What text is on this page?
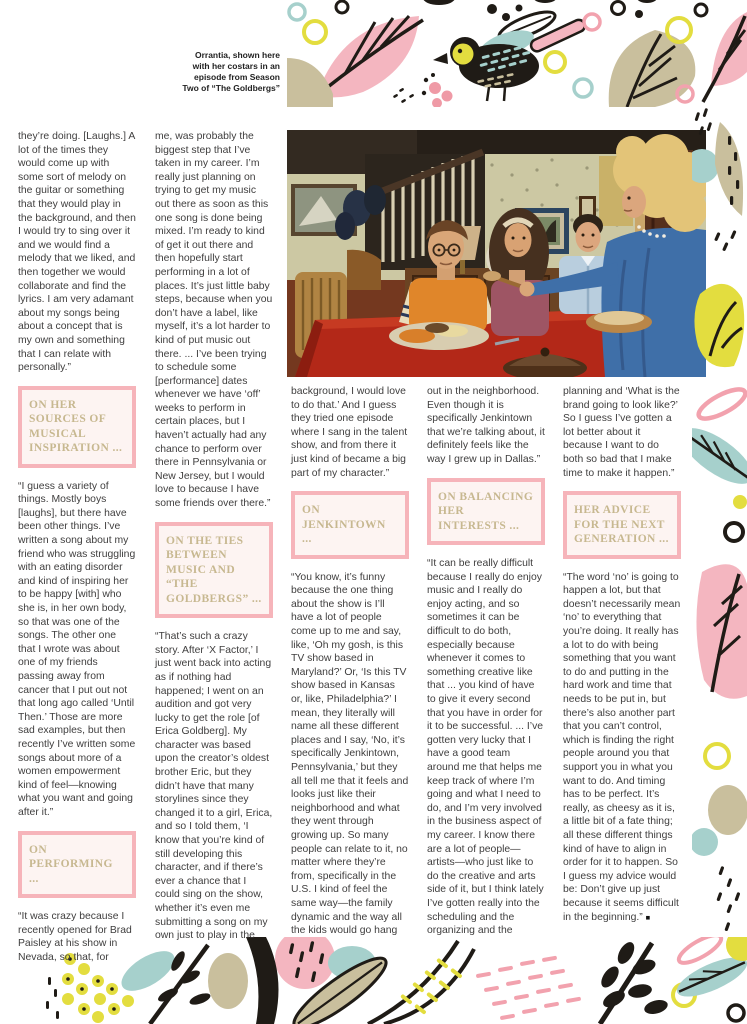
Orrantia, shown here with her costars in an episode from Season Two of “The Goldbergs”

they’re doing. [Laughs.] A lot of the times they would come up with some sort of melody on the guitar or something that they would play in the background, and then I would try to sing over it and we would find a melody that we liked, and then together we would collaborate and find the lyrics. I am very adamant about my songs being about a concept that is my own and something that I can relate with personally.”

ON HER SOURCES OF MUSICAL INSPIRATION ...

“I guess a variety of things. Mostly boys [laughs], but there have been other things. I’ve written a song about my friend who was struggling with an eating disorder and kind of inspiring her to be happy [with] who she is, in her own body, so that was one of the songs. The other one that I wrote was about one of my friends passing away from cancer that I put out not that long ago called ‘Until Then.’ Those are more sad examples, but then recently I’ve written some songs about more of a women empowerment kind of feel—knowing what you want and going after it.”

ON PERFORMING ...

“It was crazy because I recently opened for Brad Paisley at his show in Nevada, so that, for

me, was probably the biggest step that I’ve taken in my career. I’m really just planning on trying to get my music out there as soon as this one song is done being mixed. I’m ready to kind of get it out there and then hopefully start performing in a lot of places. It’s just little baby steps, because when you don’t have a label, like myself, it’s a lot harder to kind of put music out there. ... I’ve been trying to schedule some [performance] dates whenever we have ‘off’ weeks to perform in certain places, but I haven’t actually had any chance to perform over there in Pennsylvania or New Jersey, but I would love to because I have some friends over there.”

ON THE TIES BETWEEN MUSIC AND “THE GOLDBERGS” ...

“That’s such a crazy story. After ‘X Factor,’ I just went back into acting as if nothing had happened; I went on an audition and got very lucky to get the role [of Erica Goldberg]. My character was based upon the creator’s oldest brother Eric, but they didn’t have that many storylines since they changed it to a girl, Erica, and so I told them, ‘I know that you’re kind of still developing this character, and if there’s ever a chance that I could sing on the show, whether it’s even me submitting a song on my own just to play in the

background, I would love to do that.’ And I guess they tried one episode where I sang in the talent show, and from there it just kind of became a big part of my character.”

ON JENKINTOWN ...

“You know, it’s funny because the one thing about the show is I’ll have a lot of people come up to me and say, like, ‘Oh my gosh, is this TV show based in Maryland?’ Or, ‘Is this TV show based in Kansas or, like, Philadelphia?’ I mean, they literally will name all these different places and I say, ‘No, it’s specifically Jenkintown, Pennsylvania,’ but they all tell me that it feels and looks just like their neighborhood and what they went through growing up. So many people can relate to it, no matter where they’re from, specifically in the U.S. I kind of feel the same way—the family dynamic and the way all the kids would go hang

out in the neighborhood. Even though it is specifically Jenkintown that we’re talking about, it definitely feels like the way I grew up in Dallas.”

ON BALANCING HER INTERESTS ...

“It can be really difficult because I really do enjoy music and I really do enjoy acting, and so sometimes it can be difficult to do both, especially because whenever it comes to something creative like that ... you kind of have to give it every second that you have in order for it to be successful. ... I’ve gotten very lucky that I have a good team around me that helps me keep track of where I’m going and what I need to do, and I’m very involved in the business aspect of my career. I know there are a lot of people—artists—who just like to do the creative and arts side of it, but I think lately I’ve gotten really into the scheduling and the organizing and the

planning and ‘What is the brand going to look like?’ So I guess I’ve gotten a lot better about it because I want to do both so bad that I make time to make it happen.”

HER ADVICE FOR THE NEXT GENERATION ...

“The word ‘no’ is going to happen a lot, but that doesn’t necessarily mean ‘no’ to everything that you’re doing. It really has a lot to do with being something that you want to do and putting in the hard work and time that needs to be put in, but there’s also another part that you can’t control, which is finding the right people around you that support you in what you want to do. And timing has to be perfect. It’s really, as cheesy as it is, a little bit of a fate thing; all these different things kind of have to align in order for it to happen. So I guess my advice would be: Don’t give up just because it seems difficult in the beginning.” ■
